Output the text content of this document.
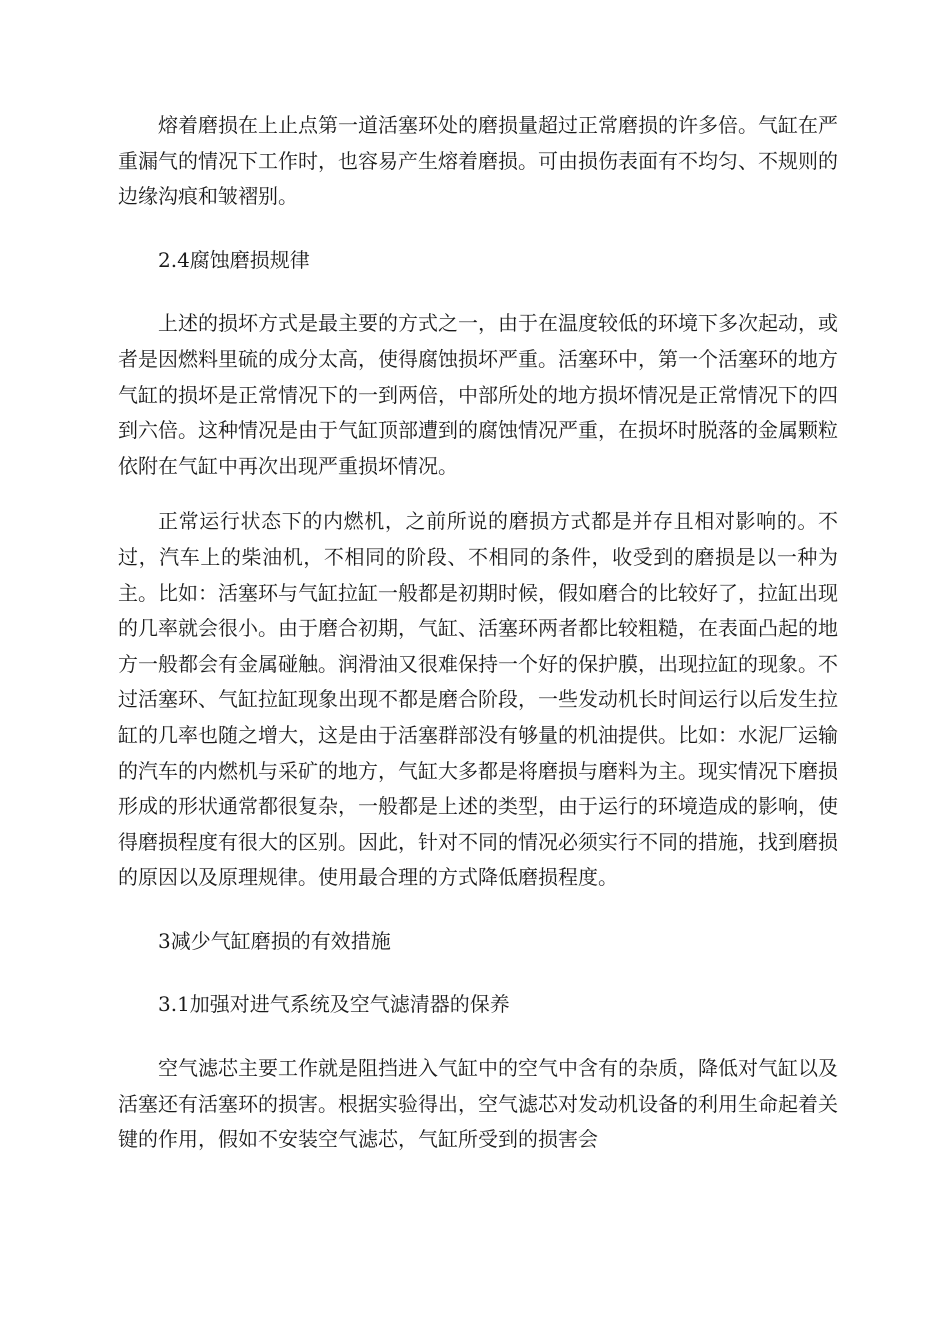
熔着磨损在上止点第一道活塞环处的磨损量超过正常磨损的许多倍。气缸在严重漏气的情况下工作时，也容易产生熔着磨损。可由损伤表面有不均匀、不规则的边缘沟痕和皱褶别。

2.4腐蚀磨损规律

上述的损坏方式是最主要的方式之一，由于在温度较低的环境下多次起动，或者是因燃料里硫的成分太高，使得腐蚀损坏严重。活塞环中，第一个活塞环的地方气缸的损坏是正常情况下的一到两倍，中部所处的地方损坏情况是正常情况下的四到六倍。这种情况是由于气缸顶部遭到的腐蚀情况严重，在损坏时脱落的金属颗粒依附在气缸中再次出现严重损坏情况。

正常运行状态下的内燃机，之前所说的磨损方式都是并存且相对影响的。不过，汽车上的柴油机，不相同的阶段、不相同的条件，收受到的磨损是以一种为主。比如：活塞环与气缸拉缸一般都是初期时候，假如磨合的比较好了，拉缸出现的几率就会很小。由于磨合初期，气缸、活塞环两者都比较粗糙，在表面凸起的地方一般都会有金属碰触。润滑油又很难保持一个好的保护膜，出现拉缸的现象。不过活塞环、气缸拉缸现象出现不都是磨合阶段，一些发动机长时间运行以后发生拉缸的几率也随之增大，这是由于活塞群部没有够量的机油提供。比如：水泥厂运输的汽车的内燃机与采矿的地方，气缸大多都是将磨损与磨料为主。现实情况下磨损形成的形状通常都很复杂，一般都是上述的类型，由于运行的环境造成的影响，使得磨损程度有很大的区别。因此，针对不同的情况必须实行不同的措施，找到磨损的原因以及原理规律。使用最合理的方式降低磨损程度。

3减少气缸磨损的有效措施

3.1加强对进气系统及空气滤清器的保养

空气滤芯主要工作就是阻挡进入气缸中的空气中含有的杂质，降低对气缸以及活塞还有活塞环的损害。根据实验得出，空气滤芯对发动机设备的利用生命起着关键的作用，假如不安装空气滤芯，气缸所受到的损害会
